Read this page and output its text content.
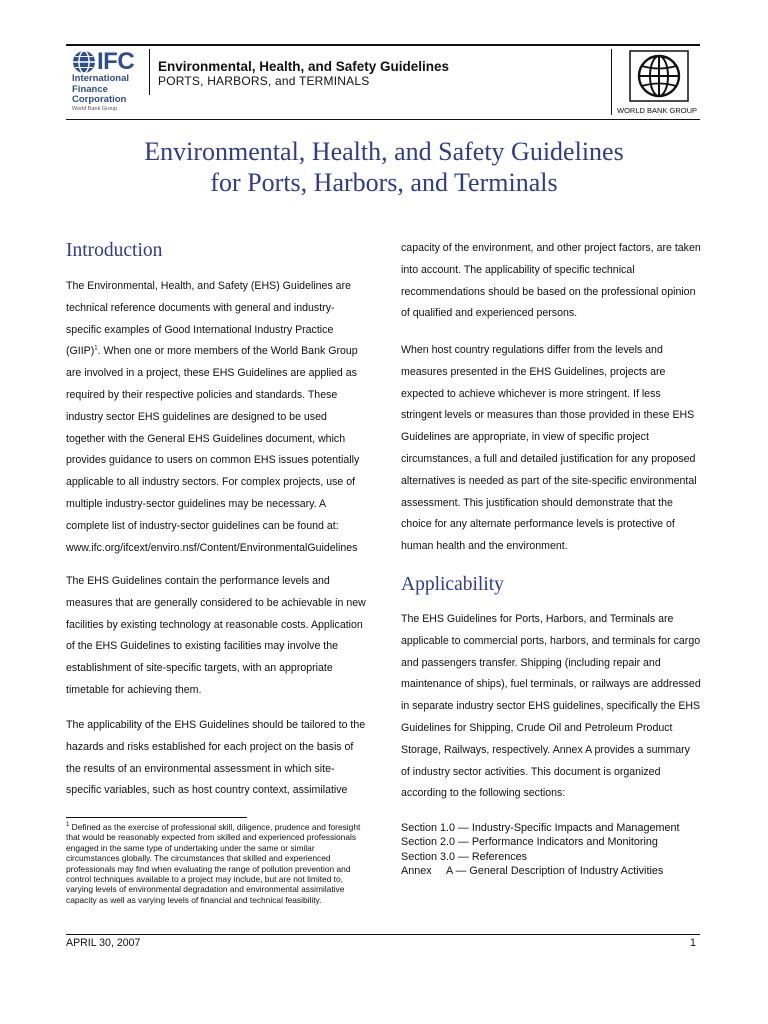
IFC
International
Finance
Corporation
World Bank Group
Environmental, Health, and Safety Guidelines
PORTS, HARBORS, and TERMINALS
WORLD BANK GROUP
Environmental, Health, and Safety Guidelines
for Ports, Harbors, and Terminals
Introduction
The Environmental, Health, and Safety (EHS) Guidelines are technical reference documents with general and industry-specific examples of Good International Industry Practice (GIIP)$^1$. When one or more members of the World Bank Group are involved in a project, these EHS Guidelines are applied as required by their respective policies and standards. These industry sector EHS guidelines are designed to be used together with the General EHS Guidelines document, which provides guidance to users on common EHS issues potentially applicable to all industry sectors. For complex projects, use of multiple industry-sector guidelines may be necessary. A complete list of industry-sector guidelines can be found at: www.ifc.org/ifcext/enviro.nsf/Content/EnvironmentalGuidelines
The EHS Guidelines contain the performance levels and measures that are generally considered to be achievable in new facilities by existing technology at reasonable costs. Application of the EHS Guidelines to existing facilities may involve the establishment of site-specific targets, with an appropriate timetable for achieving them.
The applicability of the EHS Guidelines should be tailored to the hazards and risks established for each project on the basis of the results of an environmental assessment in which site-specific variables, such as host country context, assimilative
$^1$ Defined as the exercise of professional skill, diligence, prudence and foresight that would be reasonably expected from skilled and experienced professionals engaged in the same type of undertaking under the same or similar circumstances globally. The circumstances that skilled and experienced professionals may find when evaluating the range of pollution prevention and control techniques available to a project may include, but are not limited to, varying levels of environmental degradation and environmental assimilative capacity as well as varying levels of financial and technical feasibility.
capacity of the environment, and other project factors, are taken into account. The applicability of specific technical recommendations should be based on the professional opinion of qualified and experienced persons.
When host country regulations differ from the levels and measures presented in the EHS Guidelines, projects are expected to achieve whichever is more stringent. If less stringent levels or measures than those provided in these EHS Guidelines are appropriate, in view of specific project circumstances, a full and detailed justification for any proposed alternatives is needed as part of the site-specific environmental assessment. This justification should demonstrate that the choice for any alternate performance levels is protective of human health and the environment.
Applicability
The EHS Guidelines for Ports, Harbors, and Terminals are applicable to commercial ports, harbors, and terminals for cargo and passengers transfer. Shipping (including repair and maintenance of ships), fuel terminals, or railways are addressed in separate industry sector EHS guidelines, specifically the EHS Guidelines for Shipping, Crude Oil and Petroleum Product Storage, Railways, respectively. Annex A provides a summary of industry sector activities. This document is organized according to the following sections:
Section 1.0 — Industry-Specific Impacts and Management
Section 2.0 — Performance Indicators and Monitoring
Section 3.0 — References
Annex     A — General Description of Industry Activities
APRIL 30, 2007	1
